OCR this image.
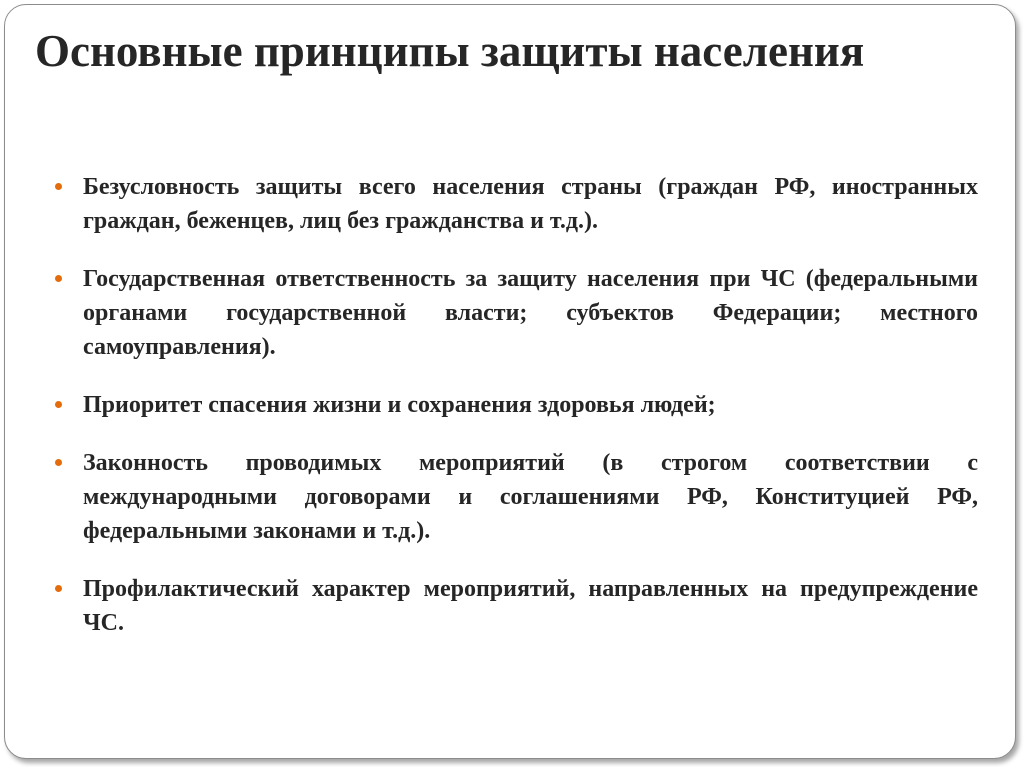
Основные принципы защиты населения
Безусловность защиты всего населения страны (граждан РФ, иностранных граждан, беженцев, лиц без гражданства и т.д.).
Государственная ответственность за защиту населения при ЧС (федеральными органами государственной власти; субъектов Федерации; местного самоуправления).
Приоритет спасения жизни и сохранения здоровья людей;
Законность проводимых мероприятий (в строгом соответствии с международными договорами и соглашениями РФ, Конституцией РФ, федеральными законами и т.д.).
Профилактический характер мероприятий, направленных на предупреждение ЧС.
